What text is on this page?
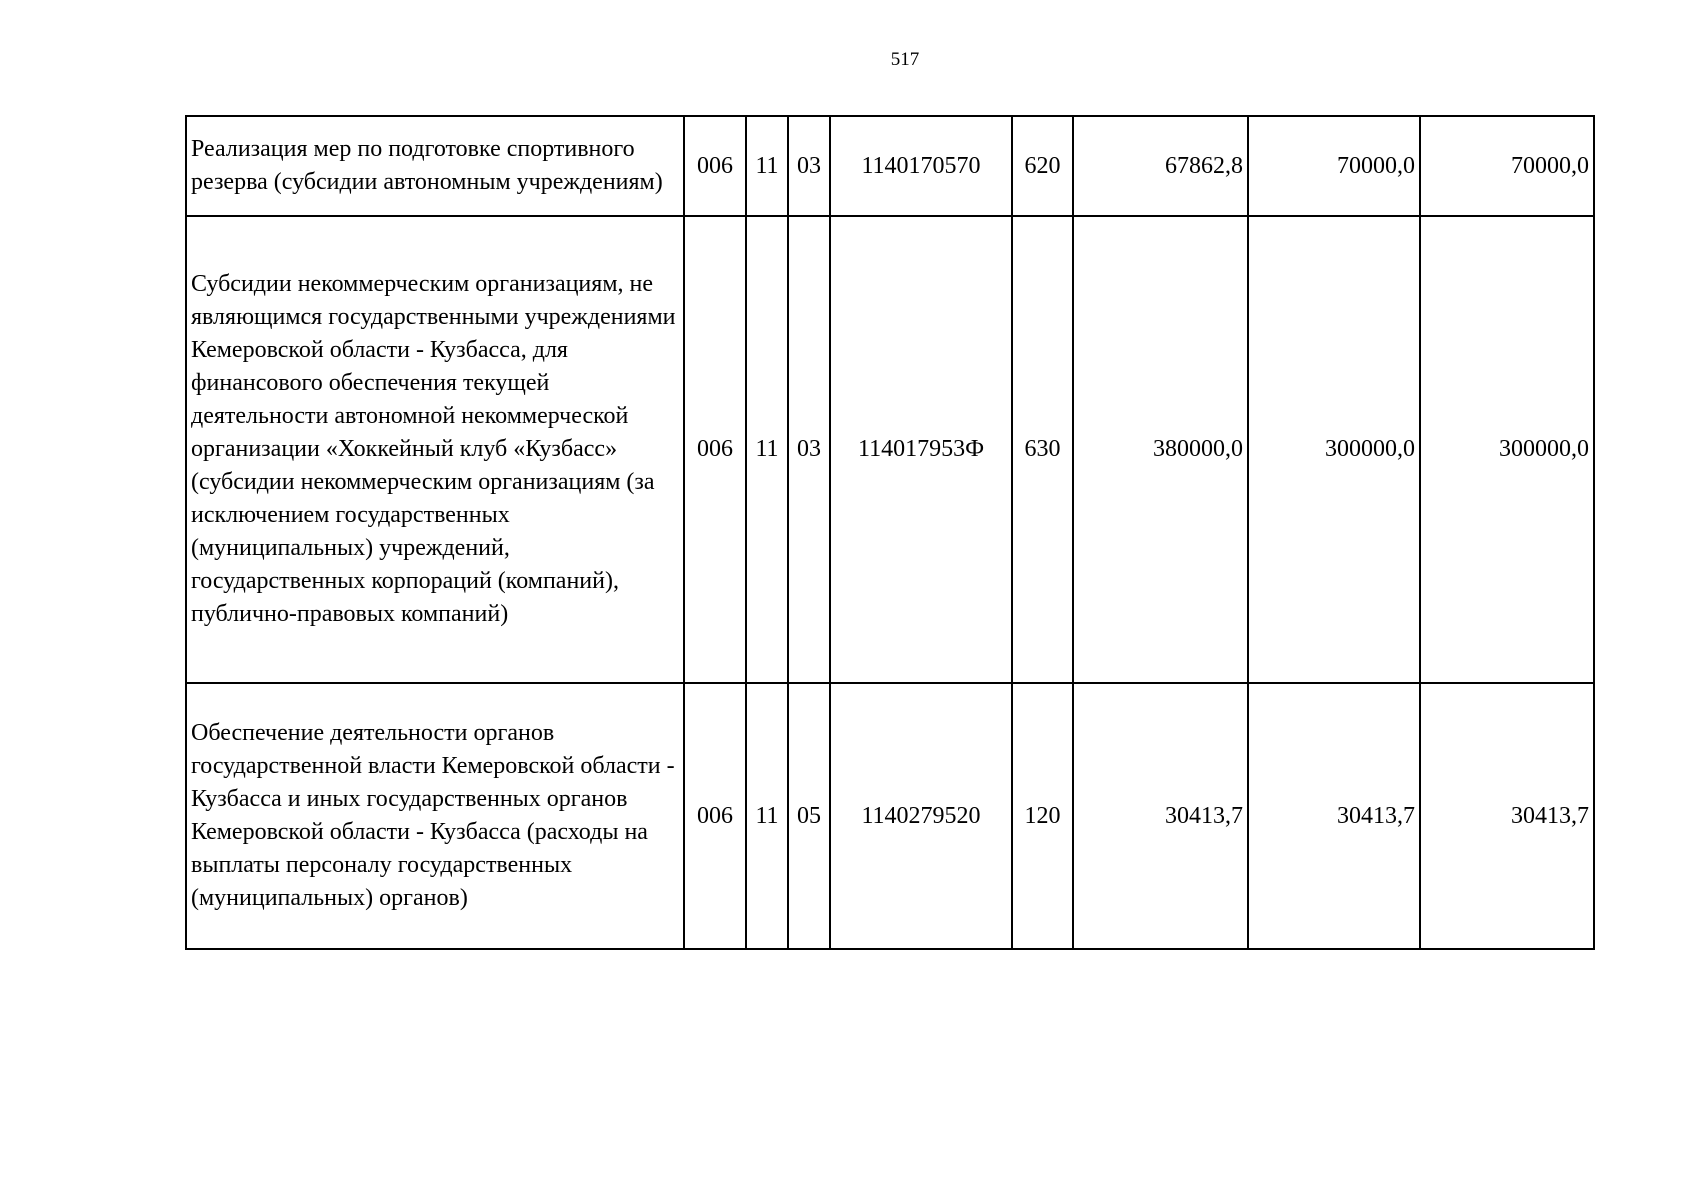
517
Реализация мер по подготовке спортивного резерва (субсидии автономным учреждениям)	006	11	03	1140170570	620	67862,8	70000,0	70000,0
Субсидии некоммерческим организациям, не являющимся государственными учреждениями Кемеровской области - Кузбасса, для финансового обеспечения текущей деятельности автономной некоммерческой организации «Хоккейный клуб «Кузбасс» (субсидии некоммерческим организациям (за исключением государственных (муниципальных) учреждений, государственных корпораций (компаний), публично-правовых компаний)	006	11	03	114017953Ф	630	380000,0	300000,0	300000,0
Обеспечение деятельности органов государственной власти Кемеровской области - Кузбасса и иных государственных органов Кемеровской области - Кузбасса (расходы на выплаты персоналу государственных (муниципальных) органов)	006	11	05	1140279520	120	30413,7	30413,7	30413,7
